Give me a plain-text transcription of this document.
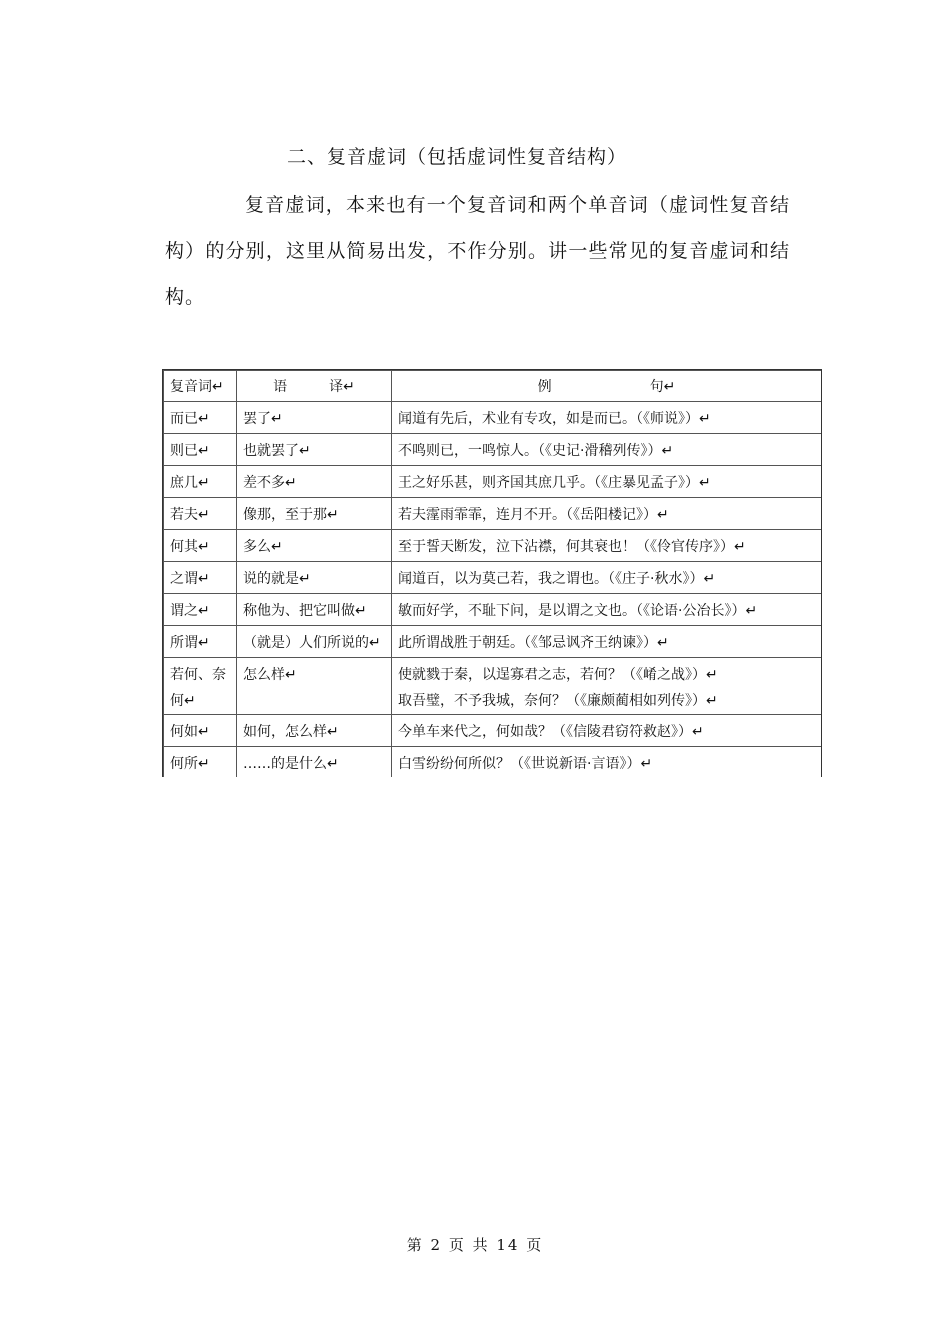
二、复音虚词（包括虚词性复音结构）

复音虚词，本来也有一个复音词和两个单音词（虚词性复音结构）的分别，这里从简易出发，不作分别。讲一些常见的复音虚词和结构。

复音词↵	语　　　译↵	例　　　　　　　句↵
而已↵	罢了↵	闻道有先后，术业有专攻，如是而已。（《师说》）↵

则已↵	也就罢了↵	不鸣则已，一鸣惊人。（《史记·滑稽列传》）↵

庶几↵	差不多↵	王之好乐甚，则齐国其庶几乎。（《庄暴见孟子》）↵

若夫↵	像那，至于那↵	若夫霪雨霏霏，连月不开。（《岳阳楼记》）↵

何其↵	多么↵	至于誓天断发，泣下沾襟，何其衰也！（《伶官传序》）↵

之谓↵	说的就是↵	闻道百，以为莫己若，我之谓也。（《庄子·秋水》）↵

谓之↵	称他为、把它叫做↵	敏而好学，不耻下问，是以谓之文也。（《论语·公冶长》）↵

所谓↵	（就是）人们所说的↵	此所谓战胜于朝廷。（《邹忌讽齐王纳谏》）↵

若何、奈何↵	怎么样↵	使就戮于秦，以逞寡君之志，若何？（《崤之战》）↵
取吾璧，不予我城，奈何？（《廉颇蔺相如列传》）↵

何如↵	如何，怎么样↵	今单车来代之，何如哉？（《信陵君窃符救赵》）↵

何所↵	……的是什么↵	白雪纷纷何所似？（《世说新语·言语》）↵
第 2 页 共 14 页
